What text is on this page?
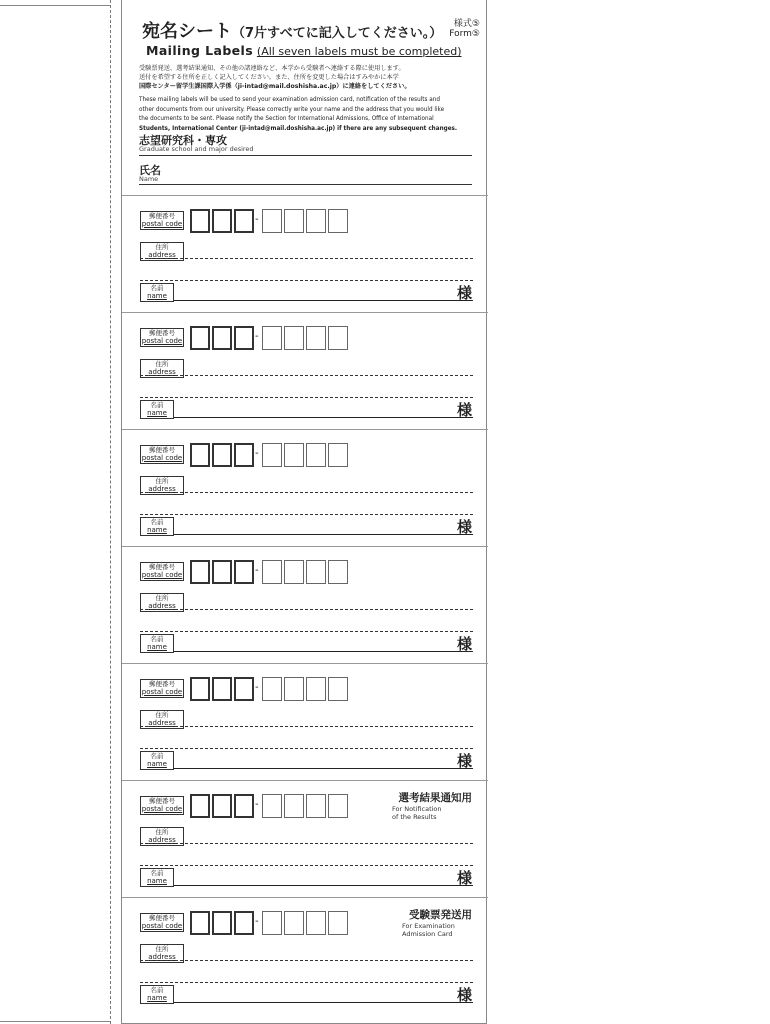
宛名シート（7片すべてに記入してください。）
様式⑤
Form⑤
Mailing Labels (All seven labels must be completed)
受験票発送、選考結果通知、その他の諸連絡など、本学から受験者へ連絡する際に使用します。
送付を希望する住所を正しく記入してください。また、住所を変更した場合はすみやかに本学
国際センター留学生課国際入学係（ji-intad@mail.doshisha.ac.jp）に連絡をしてください。
These mailing labels will be used to send your examination admission card, notification of the results and
other documents from our university. Please correctly write your name and the address that you would like
the documents to be sent. Please notify the Section for International Admissions, Office of International
Students, International Center (ji-intad@mail.doshisha.ac.jp) if there are any subsequent changes.
志望研究科・専攻
Graduate school and major desired
氏名
Name
郵便番号
postal code	-
住所
address
名前
name	様
郵便番号
postal code	-
住所
address
名前
name	様
郵便番号
postal code	-
住所
address
名前
name	様
郵便番号
postal code	-
住所
address
名前
name	様
郵便番号
postal code	-
住所
address
名前
name	様
郵便番号
postal code	-
選考結果通知用
For Notification
of the Results
住所
address
名前
name	様
郵便番号
postal code	-
受験票発送用
For Examination
Admission Card
住所
address
名前
name	様
